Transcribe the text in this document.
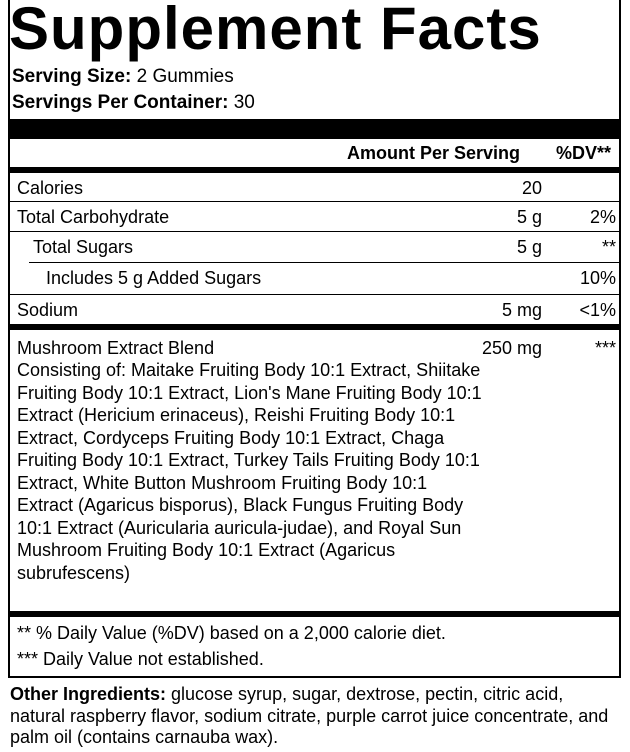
Supplement Facts
Serving Size: 2 Gummies
Servings Per Container: 30
Amount Per Serving %DV**
Calories	20
Total Carbohydrate	5 g	2%
Total Sugars	5 g	**
Includes 5 g Added Sugars	10%
Sodium	5 mg <1%
Mushroom Extract Blend	250 mg	***
Consisting of: Maitake Fruiting Body 10:1 Extract, Shiitake Fruiting Body 10:1 Extract, Lion's Mane Fruiting Body 10:1 Extract (Hericium erinaceus), Reishi Fruiting Body 10:1 Extract, Cordyceps Fruiting Body 10:1 Extract, Chaga Fruiting Body 10:1 Extract, Turkey Tails Fruiting Body 10:1 Extract, White Button Mushroom Fruiting Body 10:1 Extract (Agaricus bisporus), Black Fungus Fruiting Body 10:1 Extract (Auricularia auricula-judae), and Royal Sun Mushroom Fruiting Body 10:1 Extract (Agaricus subrufescens)
** % Daily Value (%DV) based on a 2,000 calorie diet.
*** Daily Value not established.
Other Ingredients: glucose syrup, sugar, dextrose, pectin, citric acid, natural raspberry flavor, sodium citrate, purple carrot juice concentrate, and palm oil (contains carnauba wax).
